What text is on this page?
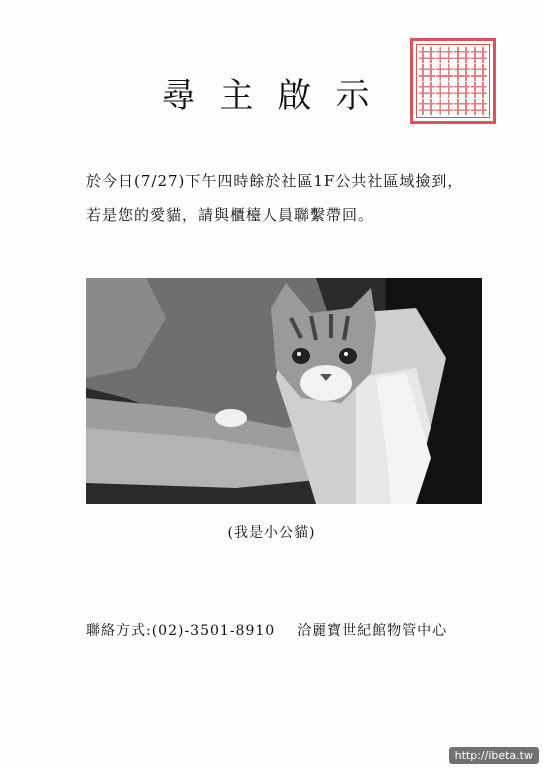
尋主啟示
於今日(7/27)下午四時餘於社區1F公共社區域撿到，
若是您的愛貓，請與櫃檯人員聯繫帶回。
(我是小公貓)
聯絡方式:(02)-3501-8910 洽麗寶世紀館物管中心
http://ibeta.tw
